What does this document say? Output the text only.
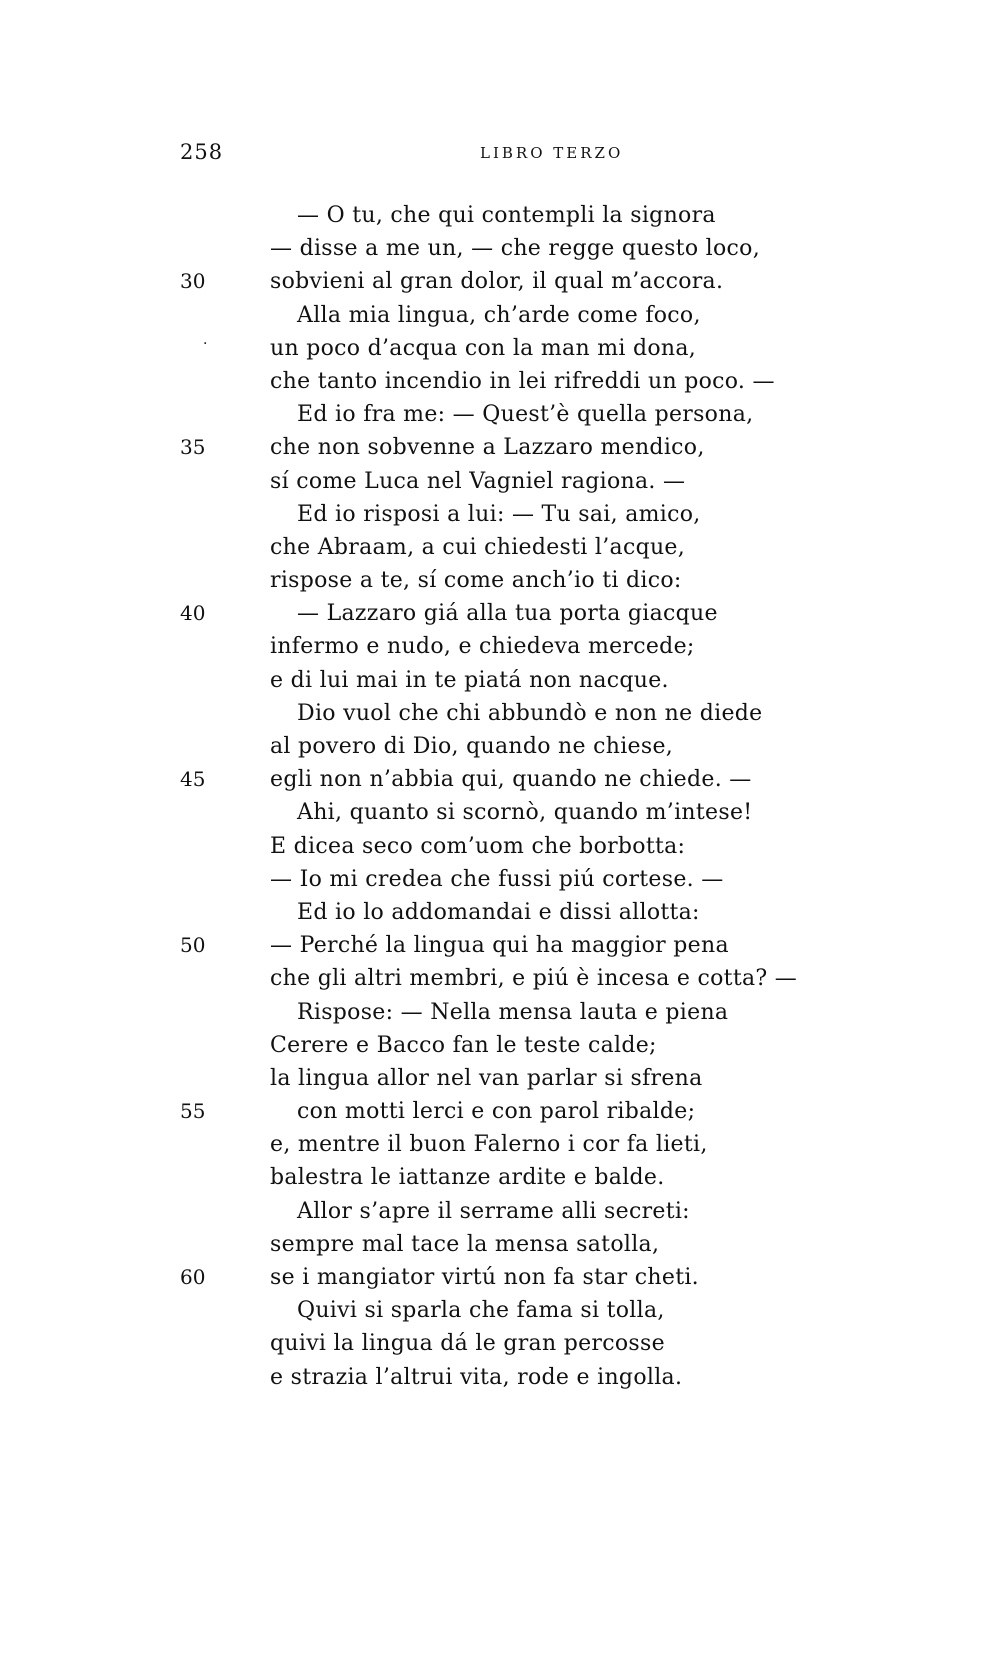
258	LIBRO TERZO
— O tu, che qui contempli la signora
— disse a me un, — che regge questo loco,
30	sobvieni al gran dolor, il qual m’accora.
Alla mia lingua, ch’arde come foco,
·	un poco d’acqua con la man mi dona,
che tanto incendio in lei rifreddi un poco. —
Ed io fra me: — Quest’è quella persona,
35	che non sobvenne a Lazzaro mendico,
sí come Luca nel Vagniel ragiona. —
Ed io risposi a lui: — Tu sai, amico,
che Abraam, a cui chiedesti l’acque,
rispose a te, sí come anch’io ti dico:
40	— Lazzaro giá alla tua porta giacque
infermo e nudo, e chiedeva mercede;
e di lui mai in te piatá non nacque.
Dio vuol che chi abbundò e non ne diede
al povero di Dio, quando ne chiese,
45	egli non n’abbia qui, quando ne chiede. —
Ahi, quanto si scornò, quando m’intese!
E dicea seco com’uom che borbotta:
— Io mi credea che fussi piú cortese. —
Ed io lo addomandai e dissi allotta:
50	— Perché la lingua qui ha maggior pena
che gli altri membri, e piú è incesa e cotta? —
Rispose: — Nella mensa lauta e piena
Cerere e Bacco fan le teste calde;
la lingua allor nel van parlar si sfrena
55	con motti lerci e con parol ribalde;
e, mentre il buon Falerno i cor fa lieti,
balestra le iattanze ardite e balde.
Allor s’apre il serrame alli secreti:
sempre mal tace la mensa satolla,
60	se i mangiator virtú non fa star cheti.
Quivi si sparla che fama si tolla,
quivi la lingua dá le gran percosse
e strazia l’altrui vita, rode e ingolla.
